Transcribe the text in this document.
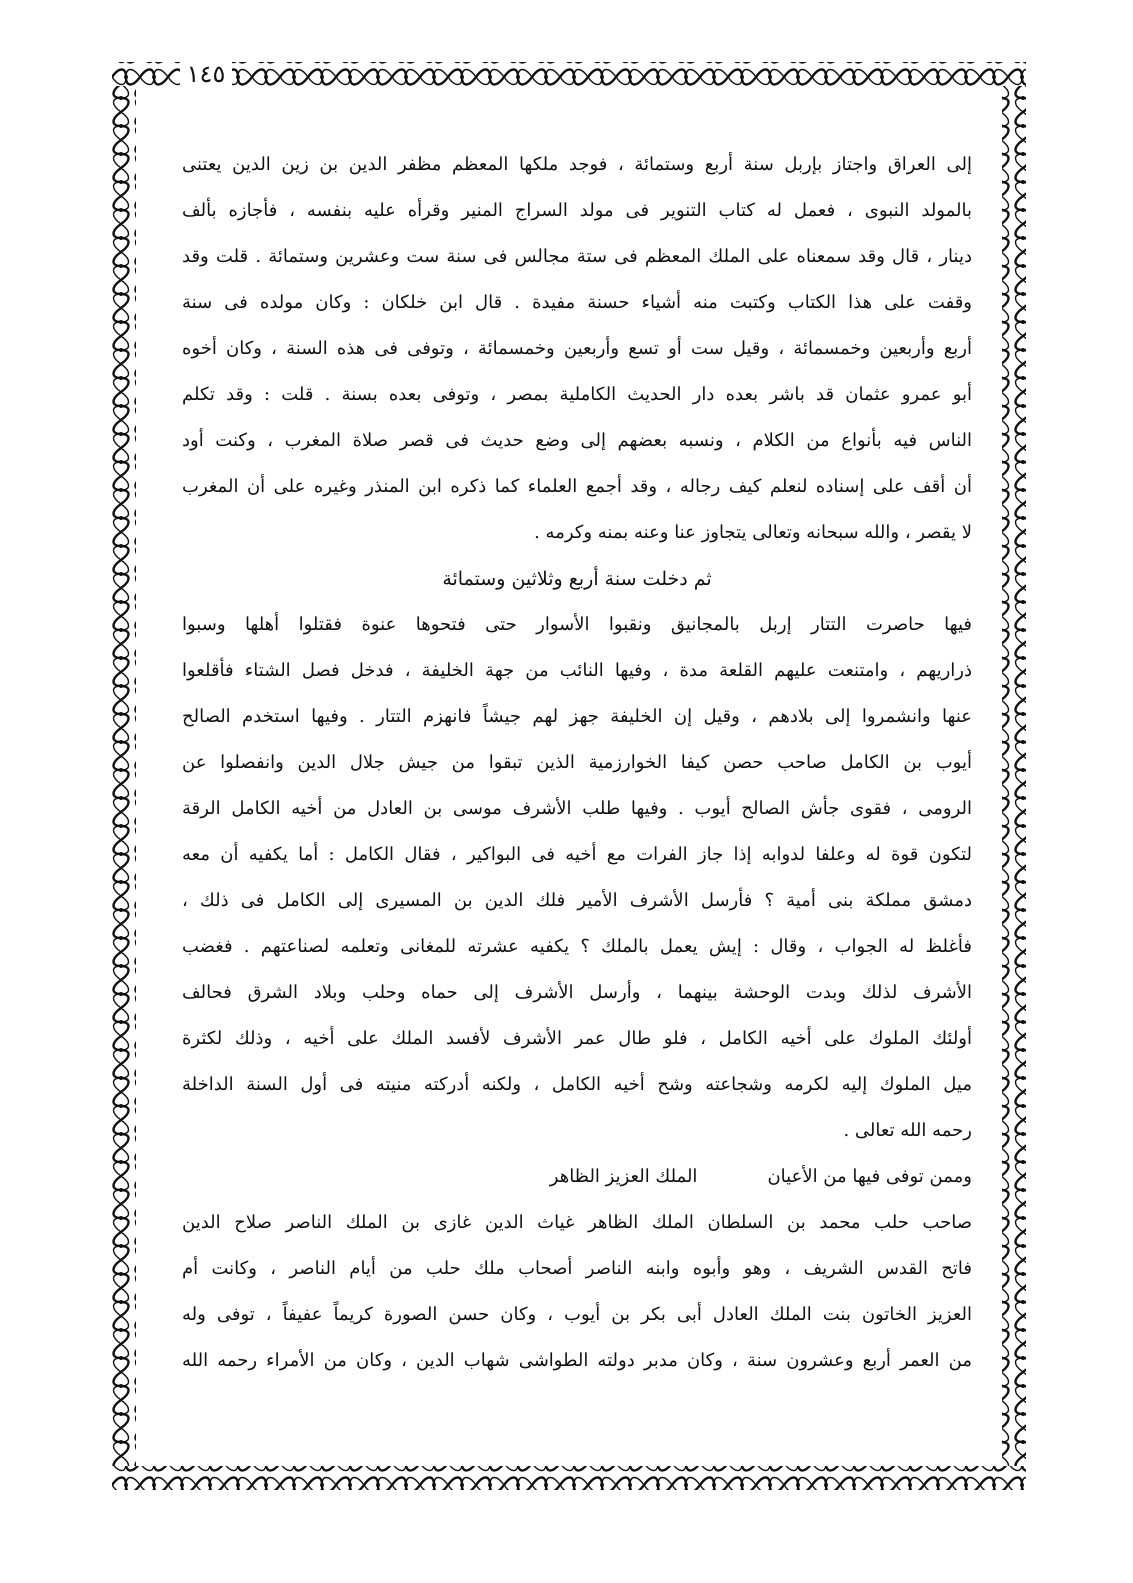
١٤٥
إلى العراق واجتاز بإربل سنة أربع وستمائة ، فوجد ملكها المعظم مظفر الدين بن زين الدين يعتنى
بالمولد النبوى ، فعمل له كتاب التنوير فى مولد السراج المنير وقرأه عليه بنفسه ، فأجازه بألف
دينار ، قال وقد سمعناه على الملك المعظم فى ستة مجالس فى سنة ست وعشرين وستمائة . قلت وقد
وقفت على هذا الكتاب وكتبت منه أشياء حسنة مفيدة . قال ابن خلكان : وكان مولده فى سنة
أربع وأربعين وخمسمائة ، وقيل ست أو تسع وأربعين وخمسمائة ، وتوفى فى هذه السنة ، وكان أخوه
أبو عمرو عثمان قد باشر بعده دار الحديث الكاملية بمصر ، وتوفى بعده بسنة . قلت : وقد تكلم
الناس فيه بأنواع من الكلام ، ونسبه بعضهم إلى وضع حديث فى قصر صلاة المغرب ، وكنت أود
أن أقف على إسناده لنعلم كيف رجاله ، وقد أجمع العلماء كما ذكره ابن المنذر وغيره على أن المغرب
لا يقصر ، والله سبحانه وتعالى يتجاوز عنا وعنه بمنه وكرمه .
ثم دخلت سنة أربع وثلاثين وستمائة
فيها حاصرت التتار إربل بالمجانيق ونقبوا الأسوار حتى فتحوها عنوة فقتلوا أهلها وسبوا
ذراريهم ، وامتنعت عليهم القلعة مدة ، وفيها النائب من جهة الخليفة ، فدخل فصل الشتاء فأقلعوا
عنها وانشمروا إلى بلادهم ، وقيل إن الخليفة جهز لهم جيشاً فانهزم التتار . وفيها استخدم الصالح
أيوب بن الكامل صاحب حصن كيفا الخوارزمية الذين تبقوا من جيش جلال الدين وانفصلوا عن
الرومى ، فقوى جأش الصالح أيوب . وفيها طلب الأشرف موسى بن العادل من أخيه الكامل الرقة
لتكون قوة له وعلفا لدوابه إذا جاز الفرات مع أخيه فى البواكير ، فقال الكامل : أما يكفيه أن معه
دمشق مملكة بنى أمية ؟ فأرسل الأشرف الأمير فلك الدين بن المسيرى إلى الكامل فى ذلك ،
فأغلظ له الجواب ، وقال : إيش يعمل بالملك ؟ يكفيه عشرته للمغانى وتعلمه لصناعتهم . فغضب
الأشرف لذلك وبدت الوحشة بينهما ، وأرسل الأشرف إلى حماه وحلب وبلاد الشرق فحالف
أولئك الملوك على أخيه الكامل ، فلو طال عمر الأشرف لأفسد الملك على أخيه ، وذلك لكثرة
ميل الملوك إليه لكرمه وشجاعته وشح أخيه الكامل ، ولكنه أدركته منيته فى أول السنة الداخلة
رحمه الله تعالى .
وممن توفى فيها من الأعيان
الملك العزيز الظاهر
صاحب حلب محمد بن السلطان الملك الظاهر غياث الدين غازى بن الملك الناصر صلاح الدين
فاتح القدس الشريف ، وهو وأبوه وابنه الناصر أصحاب ملك حلب من أيام الناصر ، وكانت أم
العزيز الخاتون بنت الملك العادل أبى بكر بن أيوب ، وكان حسن الصورة كريماً عفيفاً ، توفى وله
من العمر أربع وعشرون سنة ، وكان مدبر دولته الطواشى شهاب الدين ، وكان من الأمراء رحمه الله
